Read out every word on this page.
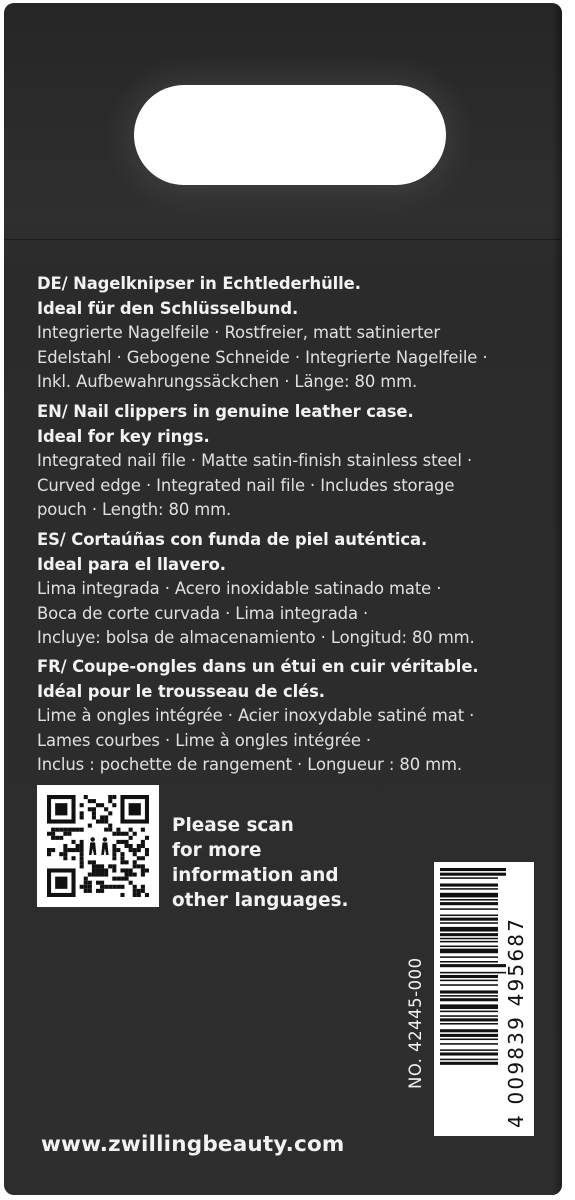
DE/ Nagelknipser in Echtlederhülle.
Ideal für den Schlüsselbund.
Integrierte Nagelfeile · Rostfreier, matt satinierter
Edelstahl · Gebogene Schneide · Integrierte Nagelfeile ·
Inkl. Aufbewahrungssäckchen · Länge: 80 mm.
EN/ Nail clippers in genuine leather case.
Ideal for key rings.
Integrated nail file · Matte satin-finish stainless steel ·
Curved edge · Integrated nail file · Includes storage
pouch · Length: 80 mm.
ES/ Cortaúñas con funda de piel auténtica.
Ideal para el llavero.
Lima integrada · Acero inoxidable satinado mate ·
Boca de corte curvada · Lima integrada ·
Incluye: bolsa de almacenamiento · Longitud: 80 mm.
FR/ Coupe-ongles dans un étui en cuir véritable.
Idéal pour le trousseau de clés.
Lime à ongles intégrée · Acier inoxydable satiné mat ·
Lames courbes · Lime à ongles intégrée ·
Inclus : pochette de rangement · Longueur : 80 mm.
Please scan
for more
information and
other languages.
NO. 42445-000	4 009839 495687
www.zwillingbeauty.com
